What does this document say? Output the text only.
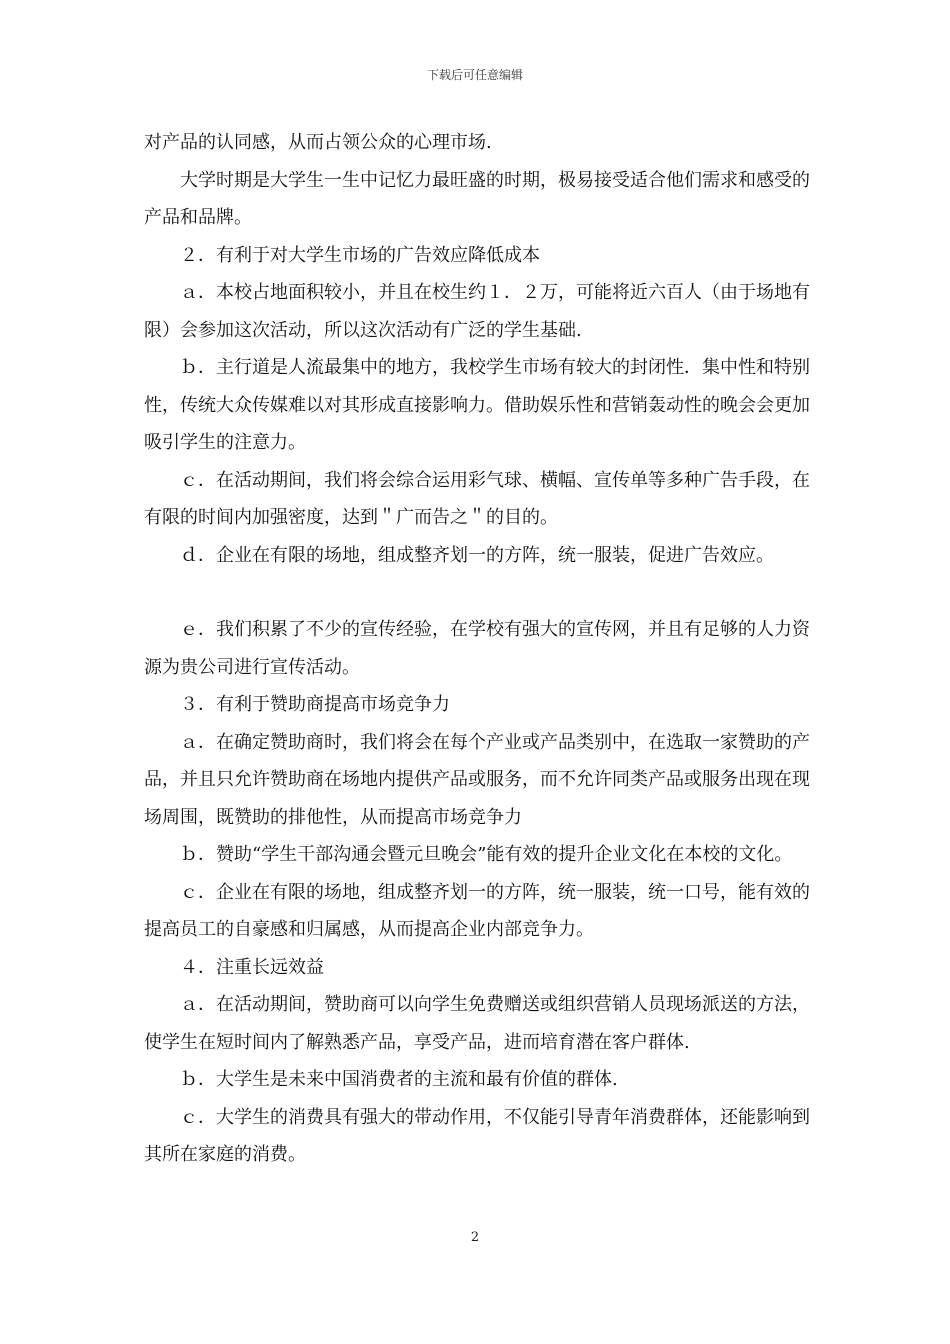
下载后可任意编辑

对产品的认同感，从而占领公众的心理市场.

大学时期是大学生一生中记忆力最旺盛的时期，极易接受适合他们需求和感受的产品和品牌。

２．有利于对大学生市场的广告效应降低成本

ａ．本校占地面积较小，并且在校生约１．２万，可能将近六百人（由于场地有限）会参加这次活动，所以这次活动有广泛的学生基础.

ｂ．主行道是人流最集中的地方，我校学生市场有较大的封闭性．集中性和特别性，传统大众传媒难以对其形成直接影响力。借助娱乐性和营销轰动性的晚会会更加吸引学生的注意力。

ｃ．在活动期间，我们将会综合运用彩气球、横幅、宣传单等多种广告手段，在有限的时间内加强密度，达到＂广而告之＂的目的。

ｄ．企业在有限的场地，组成整齐划一的方阵，统一服装，促进广告效应。

ｅ．我们积累了不少的宣传经验，在学校有强大的宣传网，并且有足够的人力资源为贵公司进行宣传活动。

３．有利于赞助商提高市场竞争力

ａ．在确定赞助商时，我们将会在每个产业或产品类别中，在选取一家赞助的产品，并且只允许赞助商在场地内提供产品或服务，而不允许同类产品或服务出现在现场周围，既赞助的排他性，从而提高市场竞争力

ｂ．赞助“学生干部沟通会暨元旦晚会”能有效的提升企业文化在本校的文化。

ｃ．企业在有限的场地，组成整齐划一的方阵，统一服装，统一口号，能有效的提高员工的自豪感和归属感，从而提高企业内部竞争力。

４．注重长远效益

ａ．在活动期间，赞助商可以向学生免费赠送或组织营销人员现场派送的方法，使学生在短时间内了解熟悉产品，享受产品，进而培育潜在客户群体.

ｂ．大学生是未来中国消费者的主流和最有价值的群体.

ｃ．大学生的消费具有强大的带动作用，不仅能引导青年消费群体，还能影响到其所在家庭的消费。

2
